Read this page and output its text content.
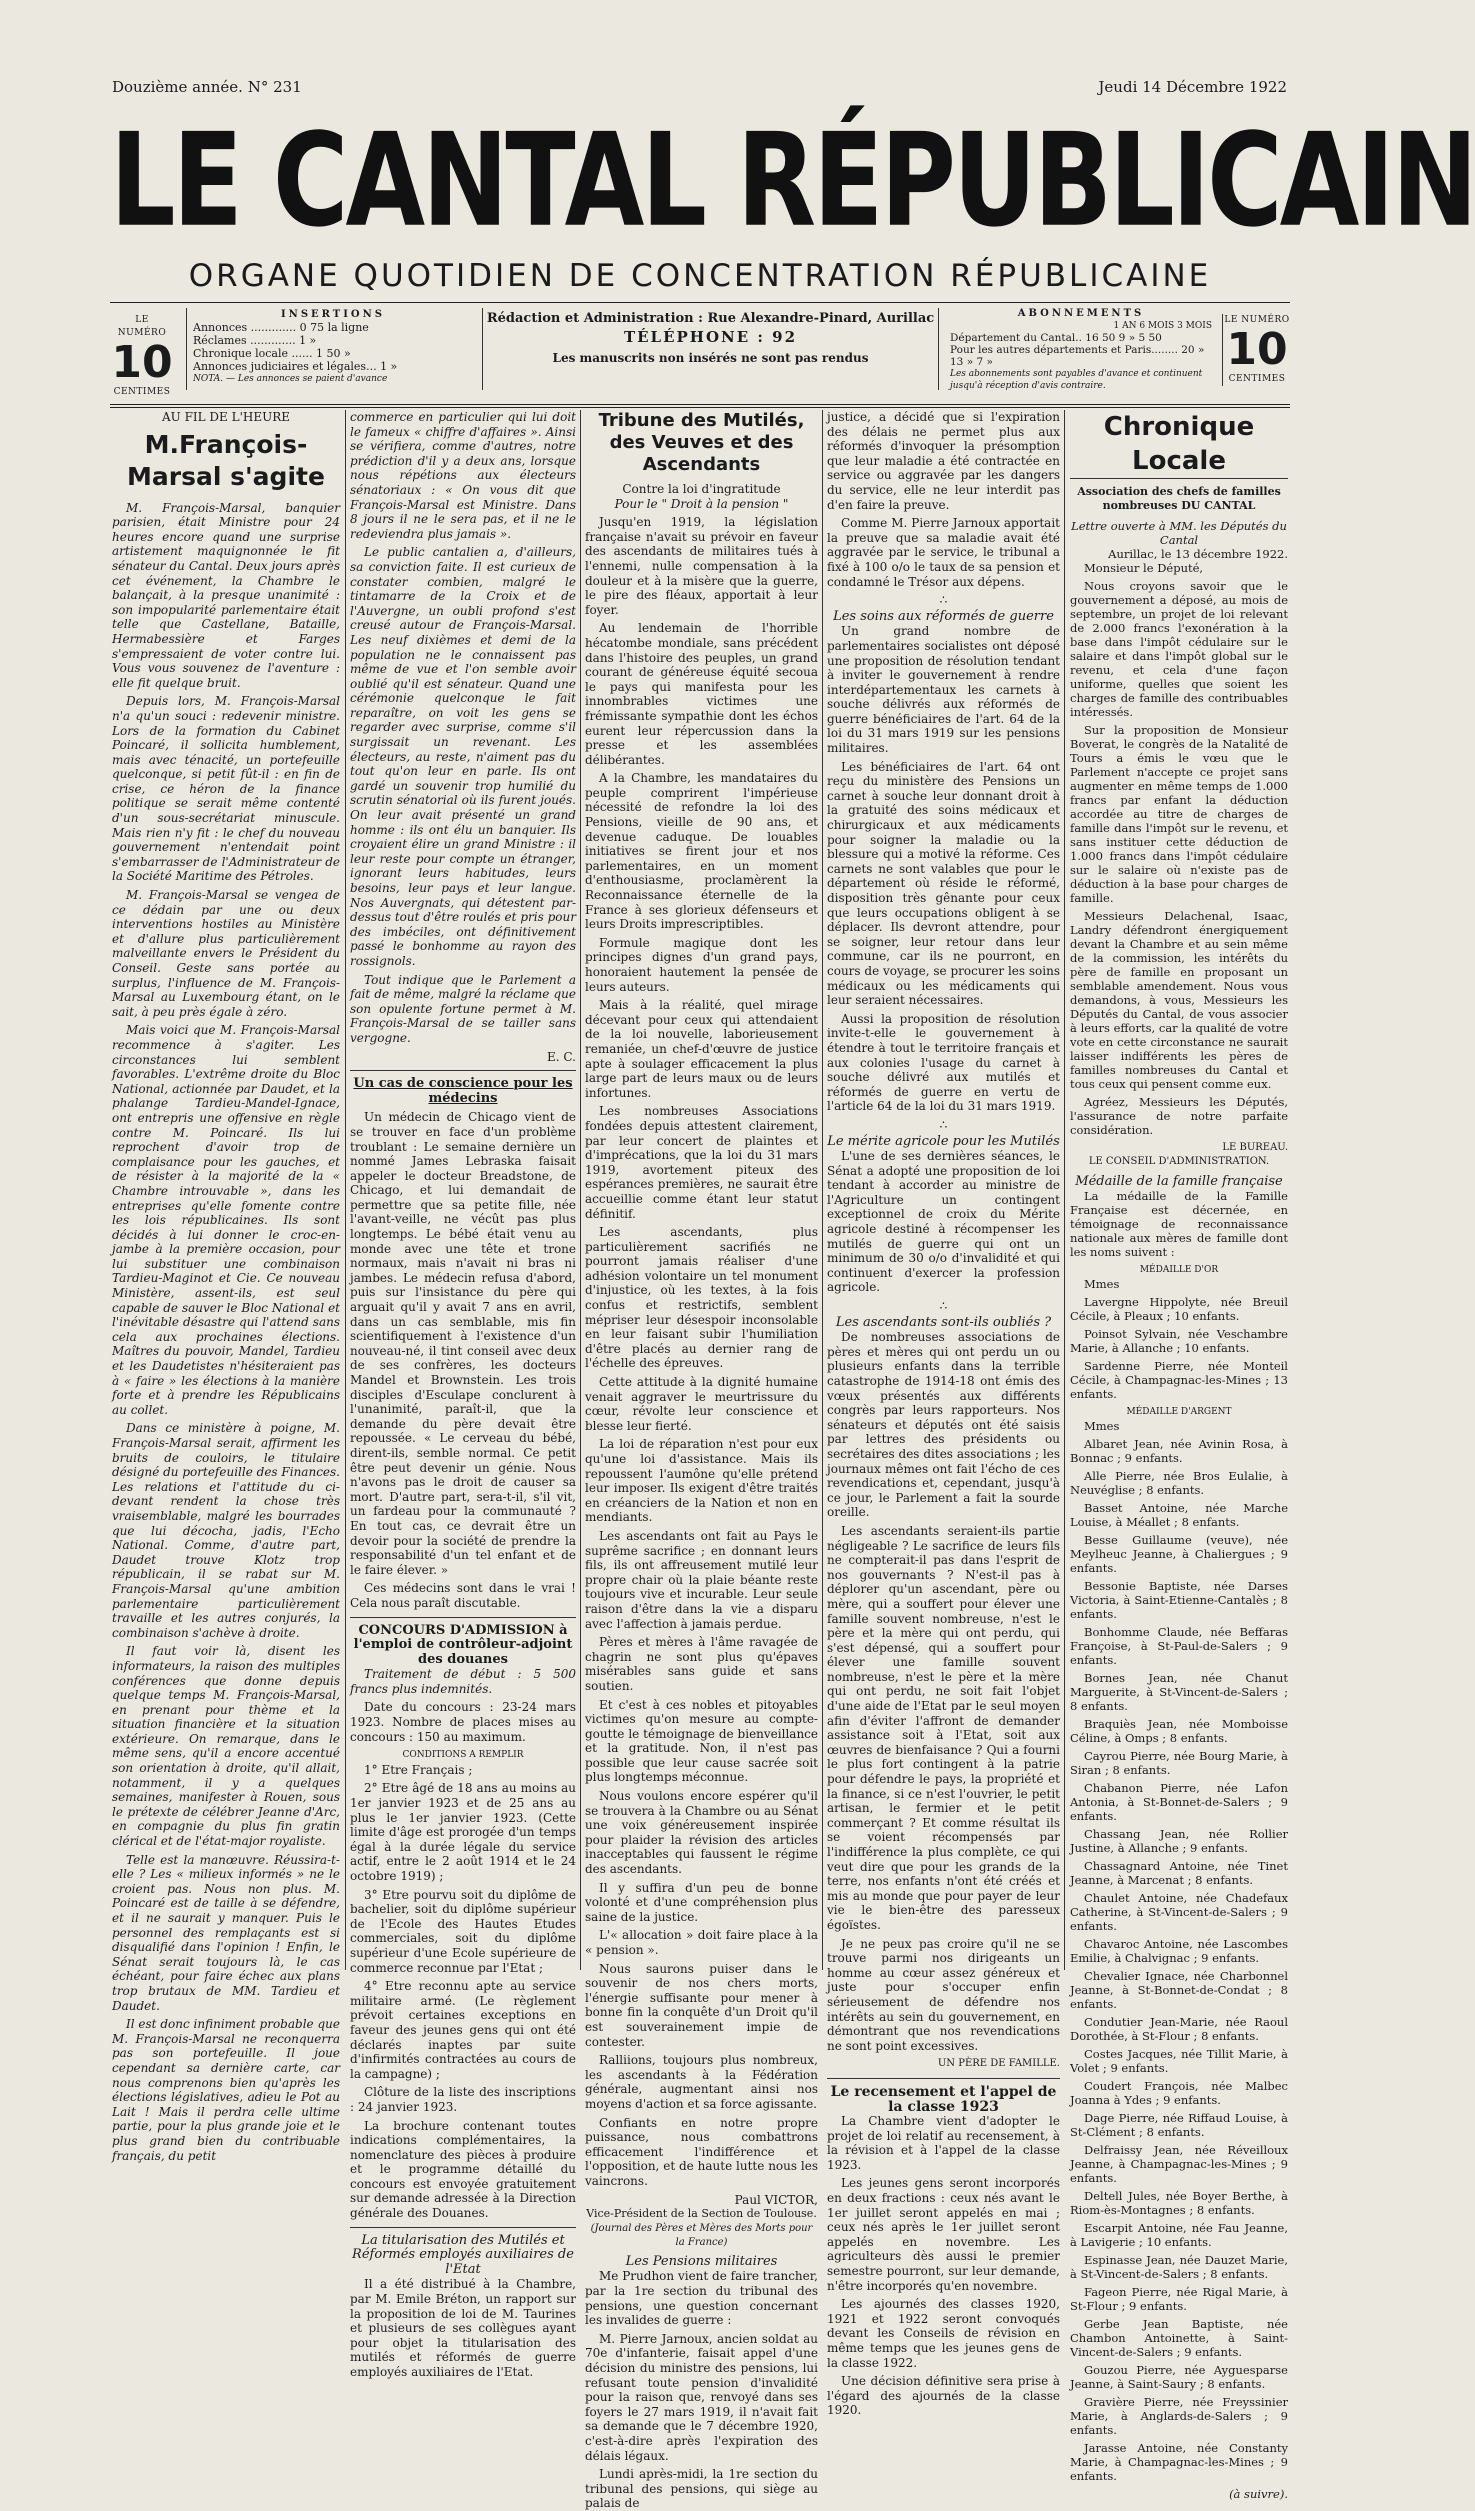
Douzième année. N° 231	Jeudi 14 Décembre 1922
LE CANTAL RÉPUBLICAIN
ORGANE QUOTIDIEN DE CONCENTRATION RÉPUBLICAINE
LE NUMÉRO
10
CENTIMES
INSERTIONS
Annonces ............. 0 75 la ligne
Réclames ............. 1 »
Chronique locale ...... 1 50 »
Annonces judiciaires et légales... 1 »
NOTA. — Les annonces se paient d'avance
Rédaction et Administration : Rue Alexandre-Pinard, Aurillac
TÉLÉPHONE : 92
Les manuscrits non insérés ne sont pas rendus
ABONNEMENTS
1 AN 6 MOIS 3 MOIS
Département du Cantal.. 16 50 9 » 5 50
Pour les autres départements et Paris........ 20 » 13 » 7 »
Les abonnements sont payables d'avance et continuent jusqu'à réception d'avis contraire.
LE NUMÉRO
10
CENTIMES
AU FIL DE L'HEURE
M.François-Marsal s'agite

M. François-Marsal, banquier parisien, était Ministre pour 24 heures encore quand une surprise artistement maquignonnée le fit sénateur du Cantal. Deux jours après cet événement, la Chambre le balançait, à la presque unanimité : son impopularité parlementaire était telle que Castellane, Bataille, Hermabessière et Farges s'empressaient de voter contre lui. Vous vous souvenez de l'aventure : elle fit quelque bruit.

Depuis lors, M. François-Marsal n'a qu'un souci : redevenir ministre. Lors de la formation du Cabinet Poincaré, il sollicita humblement, mais avec ténacité, un portefeuille quelconque, si petit fût-il : en fin de crise, ce héron de la finance politique se serait même contenté d'un sous-secrétariat minuscule. Mais rien n'y fit : le chef du nouveau gouvernement n'entendait point s'embarrasser de l'Administrateur de la Société Maritime des Pétroles.

M. François-Marsal se vengea de ce dédain par une ou deux interventions hostiles au Ministère et d'allure plus particulièrement malveillante envers le Président du Conseil. Geste sans portée au surplus, l'influence de M. François-Marsal au Luxembourg étant, on le sait, à peu près égale à zéro.

Mais voici que M. François-Marsal recommence à s'agiter. Les circonstances lui semblent favorables. L'extrême droite du Bloc National, actionnée par Daudet, et la phalange Tardieu-Mandel-Ignace, ont entrepris une offensive en règle contre M. Poincaré. Ils lui reprochent d'avoir trop de complaisance pour les gauches, et de résister à la majorité de la « Chambre introuvable », dans les entreprises qu'elle fomente contre les lois républicaines. Ils sont décidés à lui donner le croc-en-jambe à la première occasion, pour lui substituer une combinaison Tardieu-Maginot et Cie. Ce nouveau Ministère, assent-ils, est seul capable de sauver le Bloc National et l'inévitable désastre qui l'attend sans cela aux prochaines élections. Maîtres du pouvoir, Mandel, Tardieu et les Daudetistes n'hésiteraient pas à « faire » les élections à la manière forte et à prendre les Républicains au collet.

Dans ce ministère à poigne, M. François-Marsal serait, affirment les bruits de couloirs, le titulaire désigné du portefeuille des Finances. Les relations et l'attitude du ci-devant rendent la chose très vraisemblable, malgré les bourrades que lui décocha, jadis, l'Echo National. Comme, d'autre part, Daudet trouve Klotz trop républicain, il se rabat sur M. François-Marsal qu'une ambition parlementaire particulièrement travaille et les autres conjurés, la combinaison s'achève à droite.

Il faut voir là, disent les informateurs, la raison des multiples conférences que donne depuis quelque temps M. François-Marsal, en prenant pour thème et la situation financière et la situation extérieure. On remarque, dans le même sens, qu'il a encore accentué son orientation à droite, qu'il allait, notamment, il y a quelques semaines, manifester à Rouen, sous le prétexte de célébrer Jeanne d'Arc, en compagnie du plus fin gratin clérical et de l'état-major royaliste.

Telle est la manœuvre. Réussira-t-elle ? Les « milieux informés » ne le croient pas. Nous non plus. M. Poincaré est de taille à se défendre, et il ne saurait y manquer. Puis le personnel des remplaçants est si disqualifié dans l'opinion ! Enfin, le Sénat serait toujours là, le cas échéant, pour faire échec aux plans trop brutaux de MM. Tardieu et Daudet.

Il est donc infiniment probable que M. François-Marsal ne reconquerra pas son portefeuille. Il joue cependant sa dernière carte, car nous comprenons bien qu'après les élections législatives, adieu le Pot au Lait ! Mais il perdra celle ultime partie, pour la plus grande joie et le plus grand bien du contribuable français, du petit

commerce en particulier qui lui doit le fameux « chiffre d'affaires ». Ainsi se vérifiera, comme d'autres, notre prédiction d'il y a deux ans, lorsque nous répétions aux électeurs sénatoriaux : « On vous dit que François-Marsal est Ministre. Dans 8 jours il ne le sera pas, et il ne le redeviendra plus jamais ».

Le public cantalien a, d'ailleurs, sa conviction faite. Il est curieux de constater combien, malgré le tintamarre de la Croix et de l'Auvergne, un oubli profond s'est creusé autour de François-Marsal. Les neuf dixièmes et demi de la population ne le connaissent pas même de vue et l'on semble avoir oublié qu'il est sénateur. Quand une cérémonie quelconque le fait reparaître, on voit les gens se regarder avec surprise, comme s'il surgissait un revenant. Les électeurs, au reste, n'aiment pas du tout qu'on leur en parle. Ils ont gardé un souvenir trop humilié du scrutin sénatorial où ils furent joués. On leur avait présenté un grand homme : ils ont élu un banquier. Ils croyaient élire un grand Ministre : il leur reste pour compte un étranger, ignorant leurs habitudes, leurs besoins, leur pays et leur langue. Nos Auvergnats, qui détestent par-dessus tout d'être roulés et pris pour des imbéciles, ont définitivement passé le bonhomme au rayon des rossignols.

Tout indique que le Parlement a fait de même, malgré la réclame que son opulente fortune permet à M. François-Marsal de se tailler sans vergogne.

E. C.
Un cas de conscience pour les médecins

Un médecin de Chicago vient de se trouver en face d'un problème troublant : Le semaine dernière un nommé James Lebraska faisait appeler le docteur Breadstone, de Chicago, et lui demandait de permettre que sa petite fille, née l'avant-veille, ne vécût pas plus longtemps. Le bébé était venu au monde avec une tête et trone normaux, mais n'avait ni bras ni jambes. Le médecin refusa d'abord, puis sur l'insistance du père qui arguait qu'il y avait 7 ans en avril, dans un cas semblable, mis fin scientifiquement à l'existence d'un nouveau-né, il tint conseil avec deux de ses confrères, les docteurs Mandel et Brownstein. Les trois disciples d'Esculape conclurent à l'unanimité, paraît-il, que la demande du père devait être repoussée. « Le cerveau du bébé, dirent-ils, semble normal. Ce petit être peut devenir un génie. Nous n'avons pas le droit de causer sa mort. D'autre part, sera-t-il, s'il vit, un fardeau pour la communauté ? En tout cas, ce devrait être un devoir pour la société de prendre la responsabilité d'un tel enfant et de le faire élever. »

Ces médecins sont dans le vrai ! Cela nous paraît discutable.

CONCOURS D'ADMISSION à l'emploi de contrôleur-adjoint des douanes

Traitement de début : 5 500 francs plus indemnités.

Date du concours : 23-24 mars 1923. Nombre de places mises au concours : 150 au maximum.

CONDITIONS A REMPLIR

1° Etre Français ;

2° Etre âgé de 18 ans au moins au 1er janvier 1923 et de 25 ans au plus le 1er janvier 1923. (Cette limite d'âge est prorogée d'un temps égal à la durée légale du service actif, entre le 2 août 1914 et le 24 octobre 1919) ;

3° Etre pourvu soit du diplôme de bachelier, soit du diplôme supérieur de l'Ecole des Hautes Etudes commerciales, soit du diplôme supérieur d'une Ecole supérieure de commerce reconnue par l'Etat ;

4° Etre reconnu apte au service militaire armé. (Le règlement prévoit certaines exceptions en faveur des jeunes gens qui ont été déclarés inaptes par suite d'infirmités contractées au cours de la campagne) ;

Clôture de la liste des inscriptions : 24 janvier 1923.

La brochure contenant toutes indications complémentaires, la nomenclature des pièces à produire et le programme détaillé du concours est envoyée gratuitement sur demande adressée à la Direction générale des Douanes.

La titularisation des Mutilés et Réformés employés auxiliaires de l'Etat

Il a été distribué à la Chambre, par M. Emile Bréton, un rapport sur la proposition de loi de M. Taurines et plusieurs de ses collègues ayant pour objet la titularisation des mutilés et réformés de guerre employés auxiliaires de l'Etat.

Tribune des Mutilés, des Veuves et des Ascendants
Contre la loi d'ingratitude
Pour le " Droit à la pension "

Jusqu'en 1919, la législation française n'avait su prévoir en faveur des ascendants de militaires tués à l'ennemi, nulle compensation à la douleur et à la misère que la guerre, le pire des fléaux, apportait à leur foyer.

Au lendemain de l'horrible hécatombe mondiale, sans précédent dans l'histoire des peuples, un grand courant de généreuse équité secoua le pays qui manifesta pour les innombrables victimes une frémissante sympathie dont les échos eurent leur répercussion dans la presse et les assemblées délibérantes.

A la Chambre, les mandataires du peuple comprirent l'impérieuse nécessité de refondre la loi des Pensions, vieille de 90 ans, et devenue caduque. De louables initiatives se firent jour et nos parlementaires, en un moment d'enthousiasme, proclamèrent la Reconnaissance éternelle de la France à ses glorieux défenseurs et leurs Droits imprescriptibles.

Formule magique dont les principes dignes d'un grand pays, honoraient hautement la pensée de leurs auteurs.

Mais à la réalité, quel mirage décevant pour ceux qui attendaient de la loi nouvelle, laborieusement remaniée, un chef-d'œuvre de justice apte à soulager efficacement la plus large part de leurs maux ou de leurs infortunes.

Les nombreuses Associations fondées depuis attestent clairement, par leur concert de plaintes et d'imprécations, que la loi du 31 mars 1919, avortement piteux des espérances premières, ne saurait être accueillie comme étant leur statut définitif.

Les ascendants, plus particulièrement sacrifiés ne pourront jamais réaliser d'une adhésion volontaire un tel monument d'injustice, où les textes, à la fois confus et restrictifs, semblent mépriser leur désespoir inconsolable en leur faisant subir l'humiliation d'être placés au dernier rang de l'échelle des épreuves.

Cette attitude à la dignité humaine venait aggraver le meurtrissure du cœur, révolte leur conscience et blesse leur fierté.

La loi de réparation n'est pour eux qu'une loi d'assistance. Mais ils repoussent l'aumône qu'elle prétend leur imposer. Ils exigent d'être traités en créanciers de la Nation et non en mendiants.

Les ascendants ont fait au Pays le suprême sacrifice ; en donnant leurs fils, ils ont affreusement mutilé leur propre chair où la plaie béante reste toujours vive et incurable. Leur seule raison d'être dans la vie a disparu avec l'affection à jamais perdue.

Pères et mères à l'âme ravagée de chagrin ne sont plus qu'épaves misérables sans guide et sans soutien.

Et c'est à ces nobles et pitoyables victimes qu'on mesure au compte-goutte le témoignage de bienveillance et la gratitude. Non, il n'est pas possible que leur cause sacrée soit plus longtemps méconnue.

Nous voulons encore espérer qu'il se trouvera à la Chambre ou au Sénat une voix généreusement inspirée pour plaider la révision des articles inacceptables qui faussent le régime des ascendants.

Il y suffira d'un peu de bonne volonté et d'une compréhension plus saine de la justice.

L'« allocation » doit faire place à la « pension ».

Nous saurons puiser dans le souvenir de nos chers morts, l'énergie suffisante pour mener à bonne fin la conquête d'un Droit qu'il est souverainement impie de contester.

Ralliions, toujours plus nombreux, les ascendants à la Fédération générale, augmentant ainsi nos moyens d'action et sa force agissante.

Confiants en notre propre puissance, nous combattrons efficacement l'indifférence et l'opposition, et de haute lutte nous les vaincrons.

Paul VICTOR,
Vice-Président de la Section de Toulouse.
(Journal des Pères et Mères des Morts pour la France)
Les Pensions militaires

Me Prudhon vient de faire trancher, par la 1re section du tribunal des pensions, une question concernant les invalides de guerre :

M. Pierre Jarnoux, ancien soldat au 70e d'infanterie, faisait appel d'une décision du ministre des pensions, lui refusant toute pension d'invalidité pour la raison que, renvoyé dans ses foyers le 27 mars 1919, il n'avait fait sa demande que le 7 décembre 1920, c'est-à-dire après l'expiration des délais légaux.

Lundi après-midi, la 1re section du tribunal des pensions, qui siège au palais de

justice, a décidé que si l'expiration des délais ne permet plus aux réformés d'invoquer la présomption que leur maladie a été contractée en service ou aggravée par les dangers du service, elle ne leur interdit pas d'en faire la preuve.

Comme M. Pierre Jarnoux apportait la preuve que sa maladie avait été aggravée par le service, le tribunal a fixé à 100 o/o le taux de sa pension et condamné le Trésor aux dépens.

∴
Les soins aux réformés de guerre

Un grand nombre de parlementaires socialistes ont déposé une proposition de résolution tendant à inviter le gouvernement à rendre interdépartementaux les carnets à souche délivrés aux réformés de guerre bénéficiaires de l'art. 64 de la loi du 31 mars 1919 sur les pensions militaires.

Les bénéficiaires de l'art. 64 ont reçu du ministère des Pensions un carnet à souche leur donnant droit à la gratuité des soins médicaux et chirurgicaux et aux médicaments pour soigner la maladie ou la blessure qui a motivé la réforme. Ces carnets ne sont valables que pour le département où réside le réformé, disposition très gênante pour ceux que leurs occupations obligent à se déplacer. Ils devront attendre, pour se soigner, leur retour dans leur commune, car ils ne pourront, en cours de voyage, se procurer les soins médicaux ou les médicaments qui leur seraient nécessaires.

Aussi la proposition de résolution invite-t-elle le gouvernement à étendre à tout le territoire français et aux colonies l'usage du carnet à souche délivré aux mutilés et réformés de guerre en vertu de l'article 64 de la loi du 31 mars 1919.

∴
Le mérite agricole pour les Mutilés

L'une de ses dernières séances, le Sénat a adopté une proposition de loi tendant à accorder au ministre de l'Agriculture un contingent exceptionnel de croix du Mérite agricole destiné à récompenser les mutilés de guerre qui ont un minimum de 30 o/o d'invalidité et qui continuent d'exercer la profession agricole.

∴
Les ascendants sont-ils oubliés ?

De nombreuses associations de pères et mères qui ont perdu un ou plusieurs enfants dans la terrible catastrophe de 1914-18 ont émis des vœux présentés aux différents congrès par leurs rapporteurs. Nos sénateurs et députés ont été saisis par lettres des présidents ou secrétaires des dites associations ; les journaux mêmes ont fait l'écho de ces revendications et, cependant, jusqu'à ce jour, le Parlement a fait la sourde oreille.

Les ascendants seraient-ils partie négligeable ? Le sacrifice de leurs fils ne compterait-il pas dans l'esprit de nos gouvernants ? N'est-il pas à déplorer qu'un ascendant, père ou mère, qui a souffert pour élever une famille souvent nombreuse, n'est le père et la mère qui ont perdu, qui s'est dépensé, qui a souffert pour élever une famille souvent nombreuse, n'est le père et la mère qui ont perdu, ne soit fait l'objet d'une aide de l'Etat par le seul moyen afin d'éviter l'affront de demander assistance soit à l'Etat, soit aux œuvres de bienfaisance ? Qui a fourni le plus fort contingent à la patrie pour défendre le pays, la propriété et la finance, si ce n'est l'ouvrier, le petit artisan, le fermier et le petit commerçant ? Et comme résultat ils se voient récompensés par l'indifférence la plus complète, ce qui veut dire que pour les grands de la terre, nos enfants n'ont été créés et mis au monde que pour payer de leur vie le bien-être des paresseux égoïstes.

Je ne peux pas croire qu'il ne se trouve parmi nos dirigeants un homme au cœur assez généreux et juste pour s'occuper enfin sérieusement de défendre nos intérêts au sein du gouvernement, en démontrant que nos revendications ne sont point excessives.

UN PÈRE DE FAMILLE.
Le recensement et l'appel de la classe 1923

La Chambre vient d'adopter le projet de loi relatif au recensement, à la révision et à l'appel de la classe 1923.

Les jeunes gens seront incorporés en deux fractions : ceux nés avant le 1er juillet seront appelés en mai ; ceux nés après le 1er juillet seront appelés en novembre. Les agriculteurs dès aussi le premier semestre pourront, sur leur demande, n'être incorporés qu'en novembre.

Les ajournés des classes 1920, 1921 et 1922 seront convoqués devant les Conseils de révision en même temps que les jeunes gens de la classe 1922.

Une décision définitive sera prise à l'égard des ajournés de la classe 1920.

Chronique Locale
Association des chefs de familles nombreuses DU CANTAL
Lettre ouverte à MM. les Députés du Cantal
Aurillac, le 13 décembre 1922.

Monsieur le Député,

Nous croyons savoir que le gouvernement a déposé, au mois de septembre, un projet de loi relevant de 2.000 francs l'exonération à la base dans l'impôt cédulaire sur le salaire et dans l'impôt global sur le revenu, et cela d'une façon uniforme, quelles que soient les charges de famille des contribuables intéressés.

Sur la proposition de Monsieur Boverat, le congrès de la Natalité de Tours a émis le vœu que le Parlement n'accepte ce projet sans augmenter en même temps de 1.000 francs par enfant la déduction accordée au titre de charges de famille dans l'impôt sur le revenu, et sans instituer cette déduction de 1.000 francs dans l'impôt cédulaire sur le salaire où n'existe pas de déduction à la base pour charges de famille.

Messieurs Delachenal, Isaac, Landry défendront énergiquement devant la Chambre et au sein même de la commission, les intérêts du père de famille en proposant un semblable amendement. Nous vous demandons, à vous, Messieurs les Députés du Cantal, de vous associer à leurs efforts, car la qualité de votre vote en cette circonstance ne saurait laisser indifférents les pères de familles nombreuses du Cantal et tous ceux qui pensent comme eux.

Agréez, Messieurs les Députés, l'assurance de notre parfaite considération.

LE BUREAU.
LE CONSEIL D'ADMINISTRATION.
Médaille de la famille française

La médaille de la Famille Française est décernée, en témoignage de reconnaissance nationale aux mères de famille dont les noms suivent :

MÉDAILLE D'OR

Mmes

Lavergne Hippolyte, née Breuil Cécile, à Pleaux ; 10 enfants.

Poinsot Sylvain, née Veschambre Marie, à Allanche ; 10 enfants.

Sardenne Pierre, née Monteil Cécile, à Champagnac-les-Mines ; 13 enfants.

MÉDAILLE D'ARGENT

Mmes

Albaret Jean, née Avinin Rosa, à Bonnac ; 9 enfants.

Alle Pierre, née Bros Eulalie, à Neuvéglise ; 8 enfants.

Basset Antoine, née Marche Louise, à Méallet ; 8 enfants.

Besse Guillaume (veuve), née Meylheuc Jeanne, à Chaliergues ; 9 enfants.

Bessonie Baptiste, née Darses Victoria, à Saint-Etienne-Cantalès ; 8 enfants.

Bonhomme Claude, née Beffaras Françoise, à St-Paul-de-Salers ; 9 enfants.

Bornes Jean, née Chanut Marguerite, à St-Vincent-de-Salers ; 8 enfants.

Braquiès Jean, née Momboisse Céline, à Omps ; 8 enfants.

Cayrou Pierre, née Bourg Marie, à Siran ; 8 enfants.

Chabanon Pierre, née Lafon Antonia, à St-Bonnet-de-Salers ; 9 enfants.

Chassang Jean, née Rollier Justine, à Allanche ; 9 enfants.

Chassagnard Antoine, née Tinet Jeanne, à Marcenat ; 8 enfants.

Chaulet Antoine, née Chadefaux Catherine, à St-Vincent-de-Salers ; 9 enfants.

Chavaroc Antoine, née Lascombes Emilie, à Chalvignac ; 9 enfants.

Chevalier Ignace, née Charbonnel Jeanne, à St-Bonnet-de-Condat ; 8 enfants.

Condutier Jean-Marie, née Raoul Dorothée, à St-Flour ; 8 enfants.

Costes Jacques, née Tillit Marie, à Volet ; 9 enfants.

Coudert François, née Malbec Joanna à Ydes ; 9 enfants.

Dage Pierre, née Riffaud Louise, à St-Clément ; 8 enfants.

Delfraissy Jean, née Réveilloux Jeanne, à Champagnac-les-Mines ; 9 enfants.

Deltell Jules, née Boyer Berthe, à Riom-ès-Montagnes ; 8 enfants.

Escarpit Antoine, née Fau Jeanne, à Lavigerie ; 10 enfants.

Espinasse Jean, née Dauzet Marie, à St-Vincent-de-Salers ; 8 enfants.

Fageon Pierre, née Rigal Marie, à St-Flour ; 9 enfants.

Gerbe Jean Baptiste, née Chambon Antoinette, à Saint-Vincent-de-Salers ; 9 enfants.

Gouzou Pierre, née Ayguesparse Jeanne, à Saint-Saury ; 8 enfants.

Gravière Pierre, née Freyssinier Marie, à Anglards-de-Salers ; 9 enfants.

Jarasse Antoine, née Constanty Marie, à Champagnac-les-Mines ; 9 enfants.

(à suivre).
